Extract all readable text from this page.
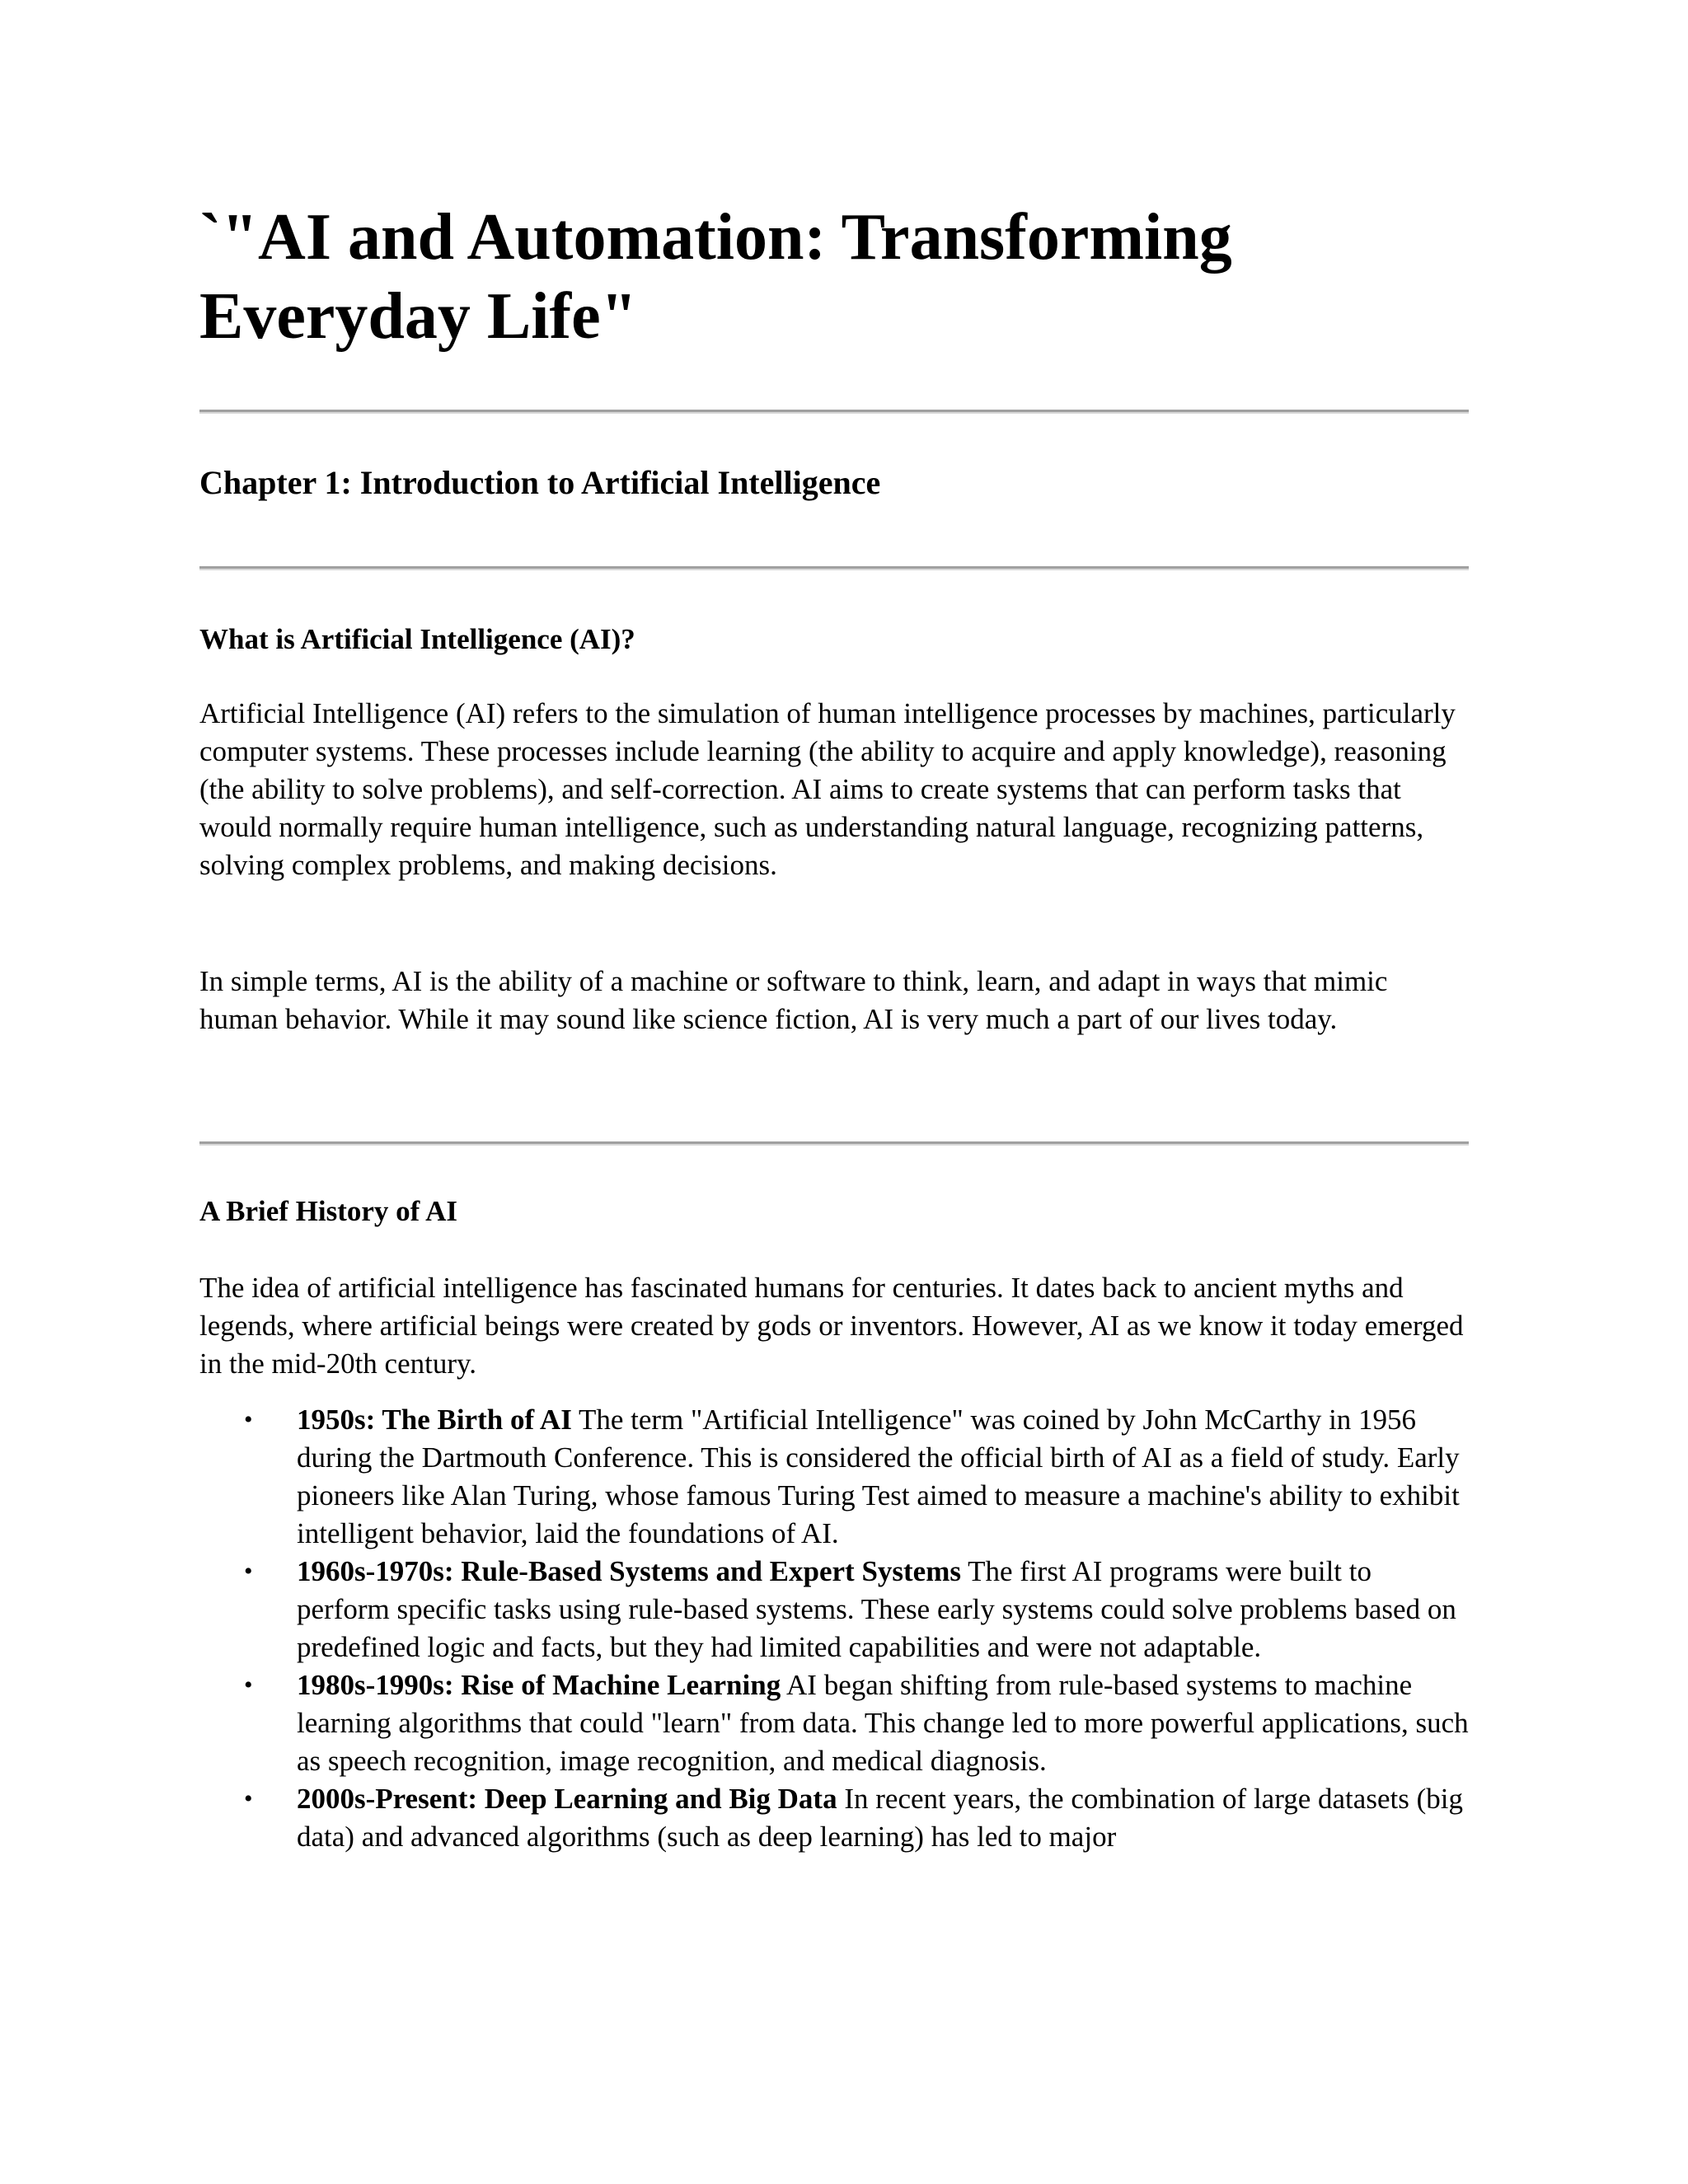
`"AI and Automation: Transforming Everyday Life"
Chapter 1: Introduction to Artificial Intelligence
What is Artificial Intelligence (AI)?

Artificial Intelligence (AI) refers to the simulation of human intelligence processes by machines, particularly computer systems. These processes include learning (the ability to acquire and apply knowledge), reasoning (the ability to solve problems), and self-correction. AI aims to create systems that can perform tasks that would normally require human intelligence, such as understanding natural language, recognizing patterns, solving complex problems, and making decisions.

In simple terms, AI is the ability of a machine or software to think, learn, and adapt in ways that mimic human behavior. While it may sound like science fiction, AI is very much a part of our lives today.

A Brief History of AI

The idea of artificial intelligence has fascinated humans for centuries. It dates back to ancient myths and legends, where artificial beings were created by gods or inventors. However, AI as we know it today emerged in the mid-20th century.

• 1950s: The Birth of AI The term "Artificial Intelligence" was coined by John McCarthy in 1956 during the Dartmouth Conference. This is considered the official birth of AI as a field of study. Early pioneers like Alan Turing, whose famous Turing Test aimed to measure a machine's ability to exhibit intelligent behavior, laid the foundations of AI.
• 1960s-1970s: Rule-Based Systems and Expert Systems The first AI programs were built to perform specific tasks using rule-based systems. These early systems could solve problems based on predefined logic and facts, but they had limited capabilities and were not adaptable.
• 1980s-1990s: Rise of Machine Learning AI began shifting from rule-based systems to machine learning algorithms that could "learn" from data. This change led to more powerful applications, such as speech recognition, image recognition, and medical diagnosis.
• 2000s-Present: Deep Learning and Big Data In recent years, the combination of large datasets (big data) and advanced algorithms (such as deep learning) has led to major
